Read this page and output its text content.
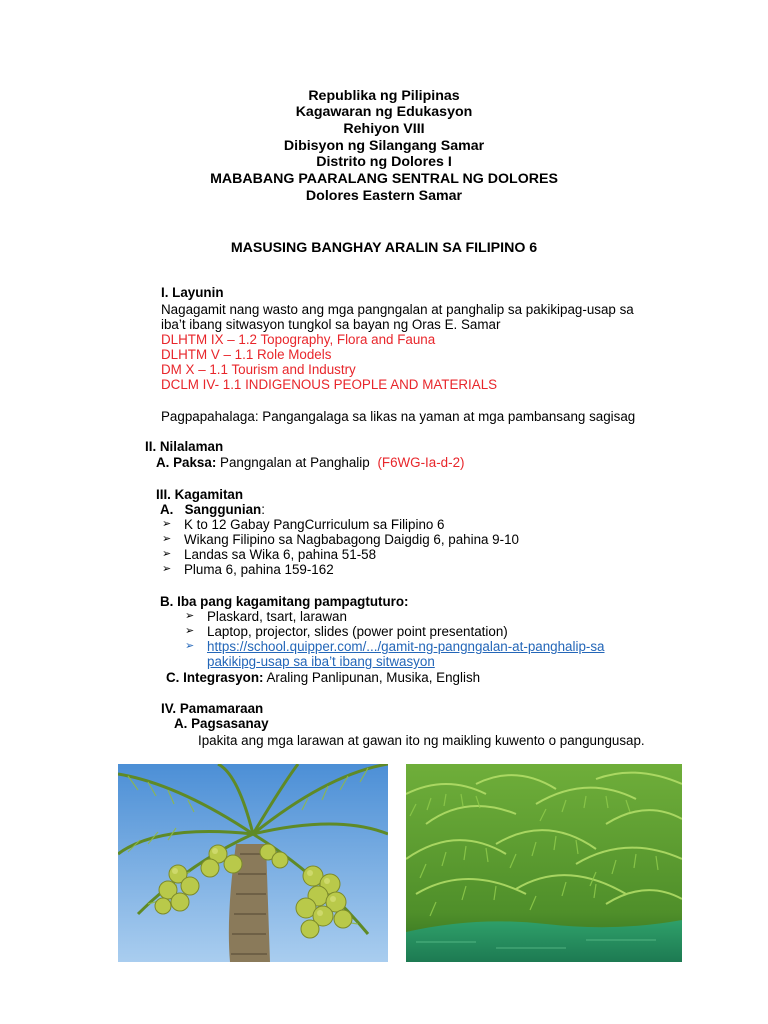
Republika ng Pilipinas
Kagawaran ng Edukasyon
Rehiyon VIII
Dibisyon ng Silangang Samar
Distrito ng Dolores I
MABABANG PAARALANG SENTRAL NG DOLORES
Dolores Eastern Samar
MASUSING BANGHAY ARALIN SA FILIPINO 6
I. Layunin
Nagagamit nang wasto ang mga pangngalan at panghalip sa pakikipag-usap sa
iba’t ibang sitwasyon tungkol sa bayan ng Oras E. Samar
DLHTM IX – 1.2 Topography, Flora and Fauna
DLHTM V – 1.1 Role Models
DM X – 1.1 Tourism and Industry
DCLM IV- 1.1 INDIGENOUS PEOPLE AND MATERIALS
Pagpapahalaga: Pangangalaga sa likas na yaman at mga pambansang sagisag
II. Nilalaman
A. Paksa: Pangngalan at Panghalip (F6WG-Ia-d-2)
III. Kagamitan
A. Sanggunian:
➢ K to 12 Gabay PangCurriculum sa Filipino 6
➢ Wikang Filipino sa Nagbabagong Daigdig 6, pahina 9-10
➢ Landas sa Wika 6, pahina 51-58
➢ Pluma 6, pahina 159-162
B. Iba pang kagamitang pampagtuturo:
➢ Plaskard, tsart, larawan
➢ Laptop, projector, slides (power point presentation)
➢ https://school.quipper.com/.../gamit-ng-pangngalan-at-panghalip-sa
pakikipg-usap sa iba’t ibang sitwasyon
C. Integrasyon: Araling Panlipunan, Musika, English
IV. Pamamaraan
A. Pagsasanay
Ipakita ang mga larawan at gawan ito ng maikling kuwento o pangungusap.
